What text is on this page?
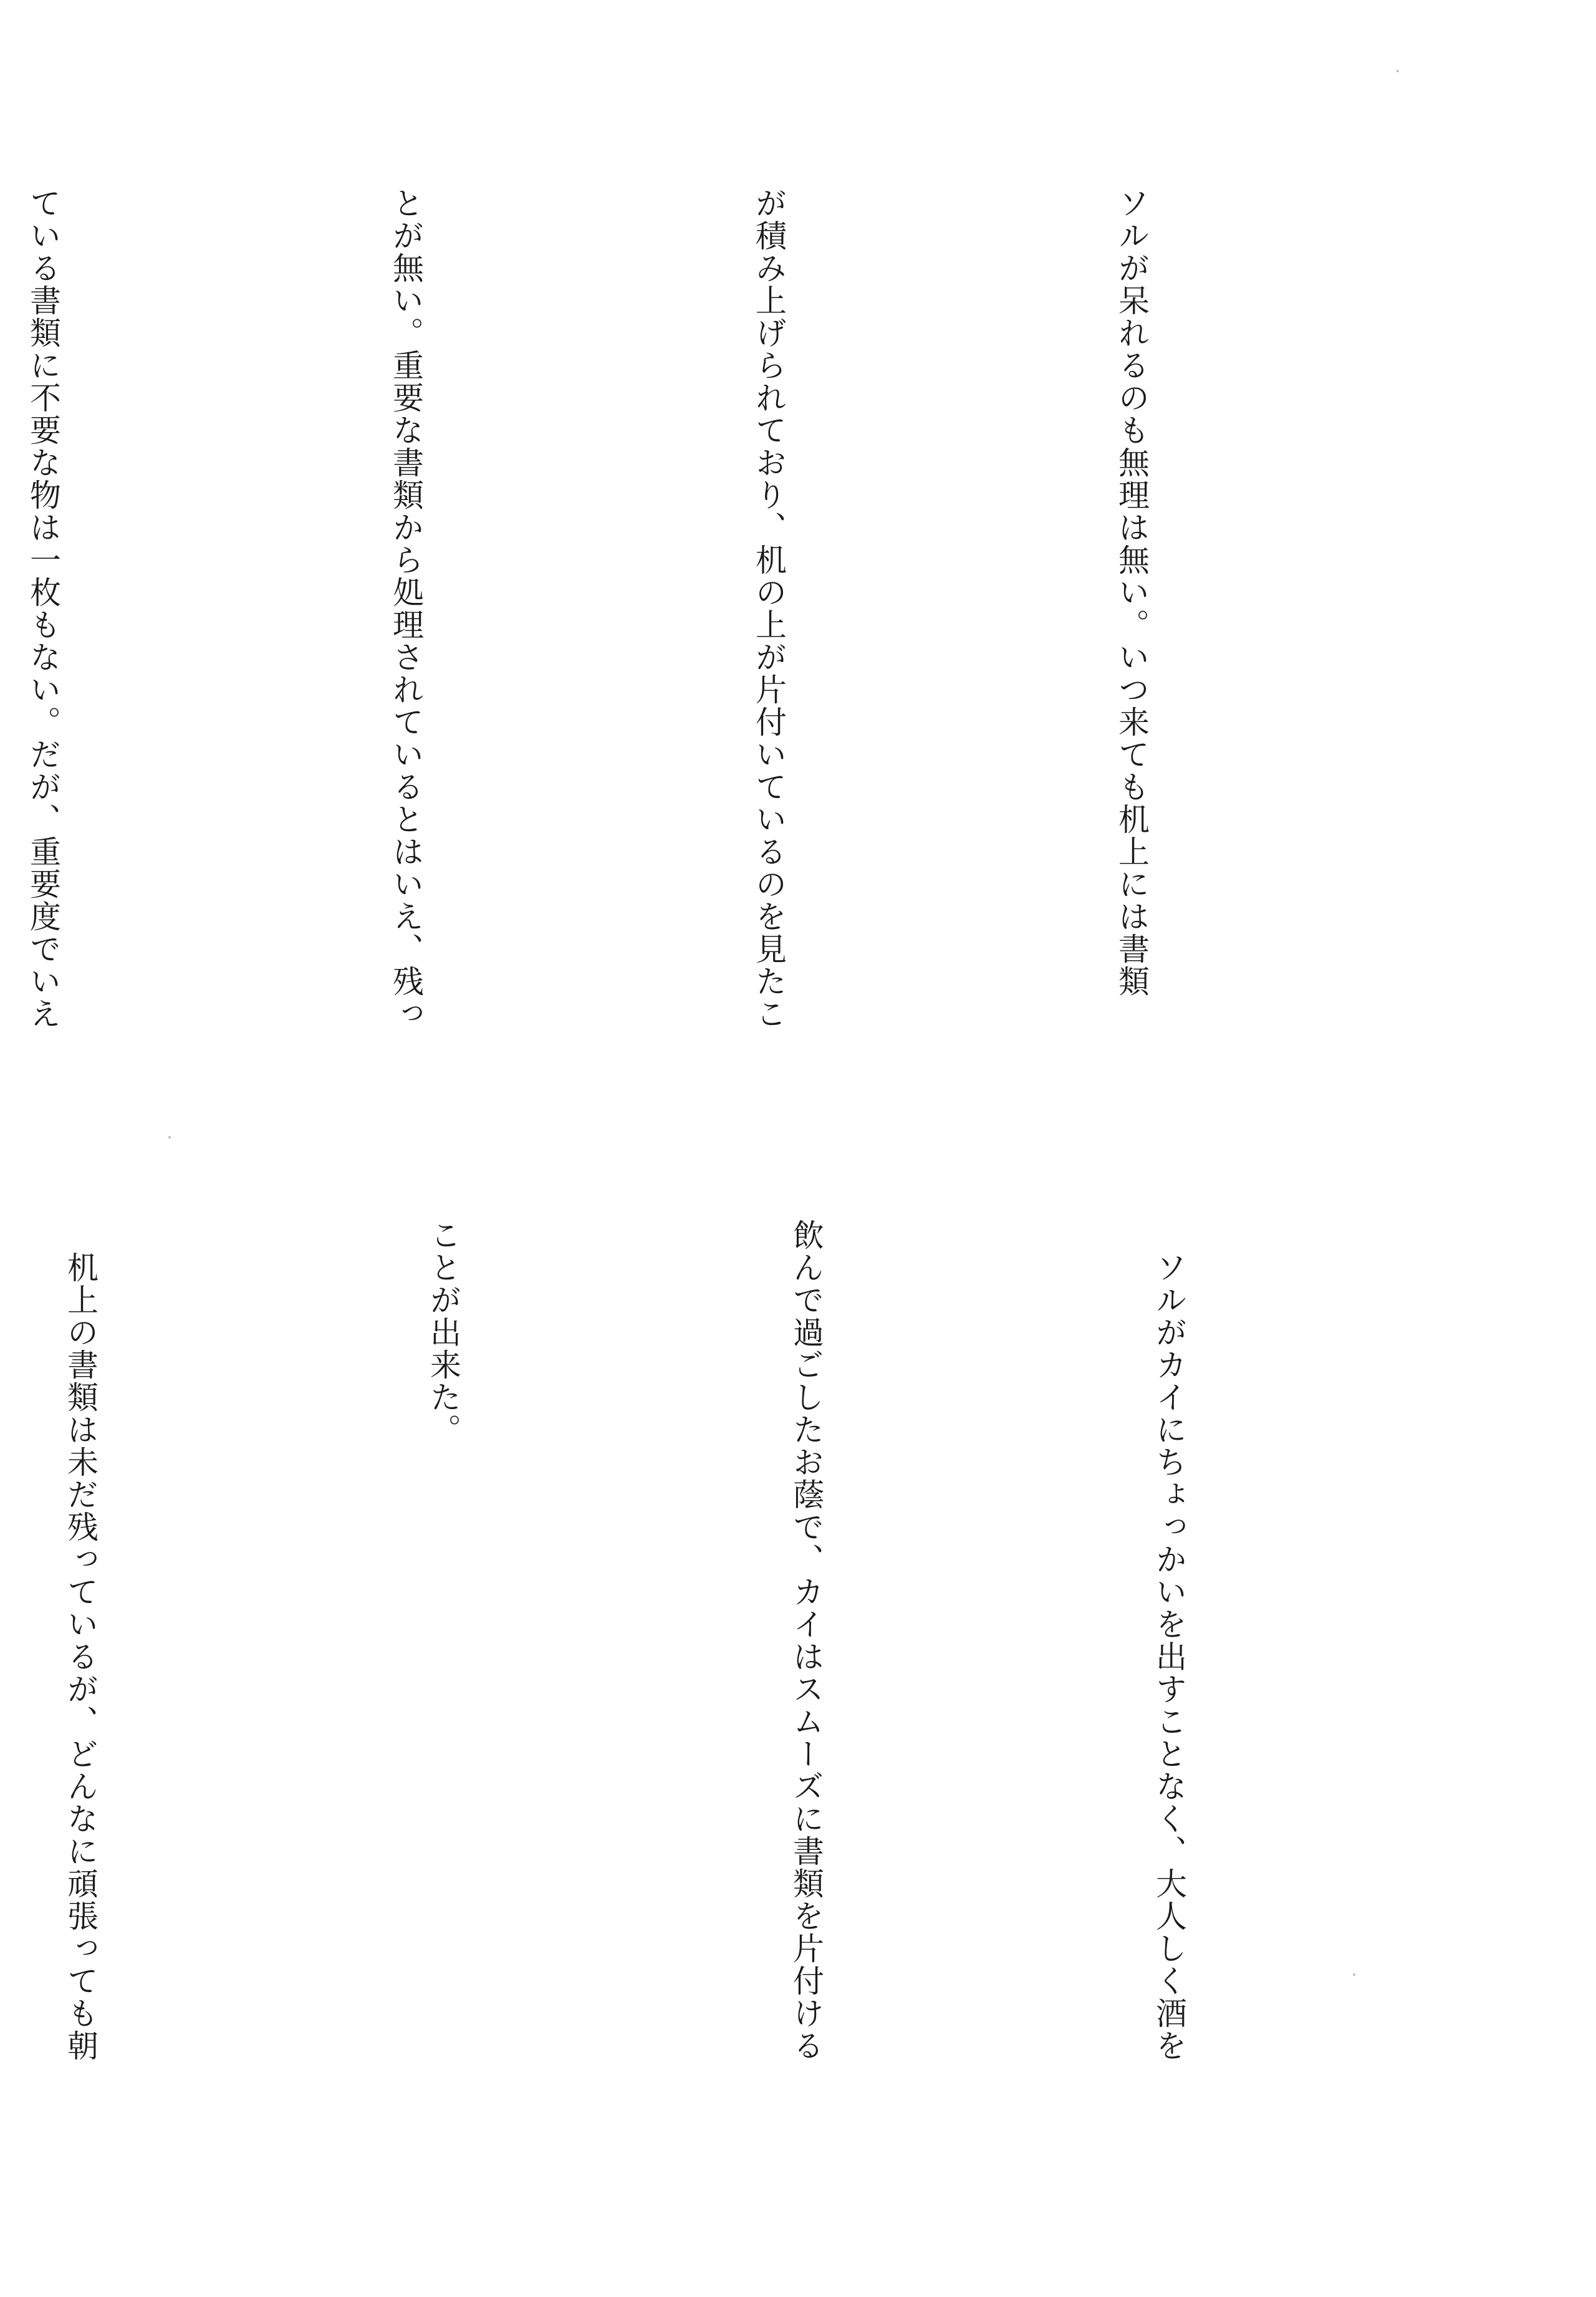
ソルが呆れるのも無理は無い。いつ来ても机上には書類

が積み上げられており、机の上が片付いているのを見たこ

とが無い。重要な書類から処理されているとはいえ、残っ

ている書類に不要な物は一枚もない。だが、重要度でいえ

　ソルがカイにちょっかいを出すことなく、大人しく酒を

飲んで過ごしたお蔭で、カイはスムーズに書類を片付ける

ことが出来た。

　机上の書類は未だ残っているが、どんなに頑張っても朝
